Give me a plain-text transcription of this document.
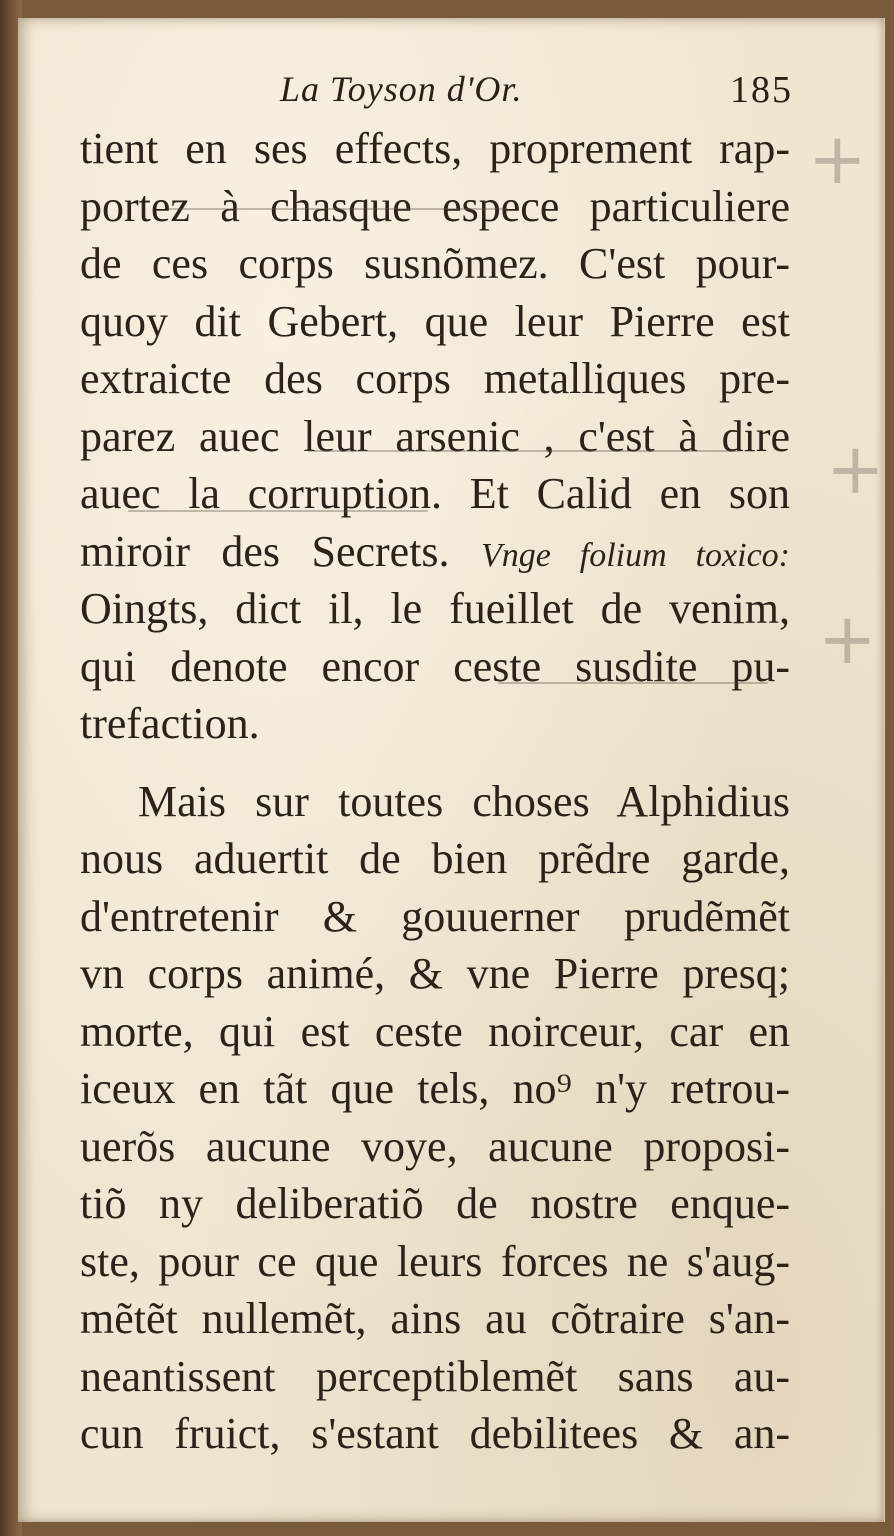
La Toyson d'Or.	185
tient en ses effects, proprement rap-
portez à chasque espece particuliere
de ces corps susnõmez. C'est pour-
quoy dit Gebert, que leur Pierre est
extraicte des corps metalliques pre-
parez auec leur arsenic , c'est à dire
auec la corruption. Et Calid en son
miroir des Secrets. Vnge folium toxico:
Oingts, dict il, le fueillet de venim,
qui denote encor ceste susdite pu-
trefaction.
Mais sur toutes choses Alphidius
nous aduertit de bien prẽdre garde,
d'entretenir & gouuerner prudẽmẽt
vn corps animé, & vne Pierre presq;
morte, qui est ceste noirceur, car en
iceux en tãt que tels, no⁹ n'y retrou-
uerõs aucune voye, aucune proposi-
tiõ ny deliberatiõ de nostre enque-
ste, pour ce que leurs forces ne s'aug-
mẽtẽt nullemẽt, ains au cõtraire s'an-
neantissent perceptiblemẽt sans au-
cun fruict, s'estant debilitees & an-
+
+
+
